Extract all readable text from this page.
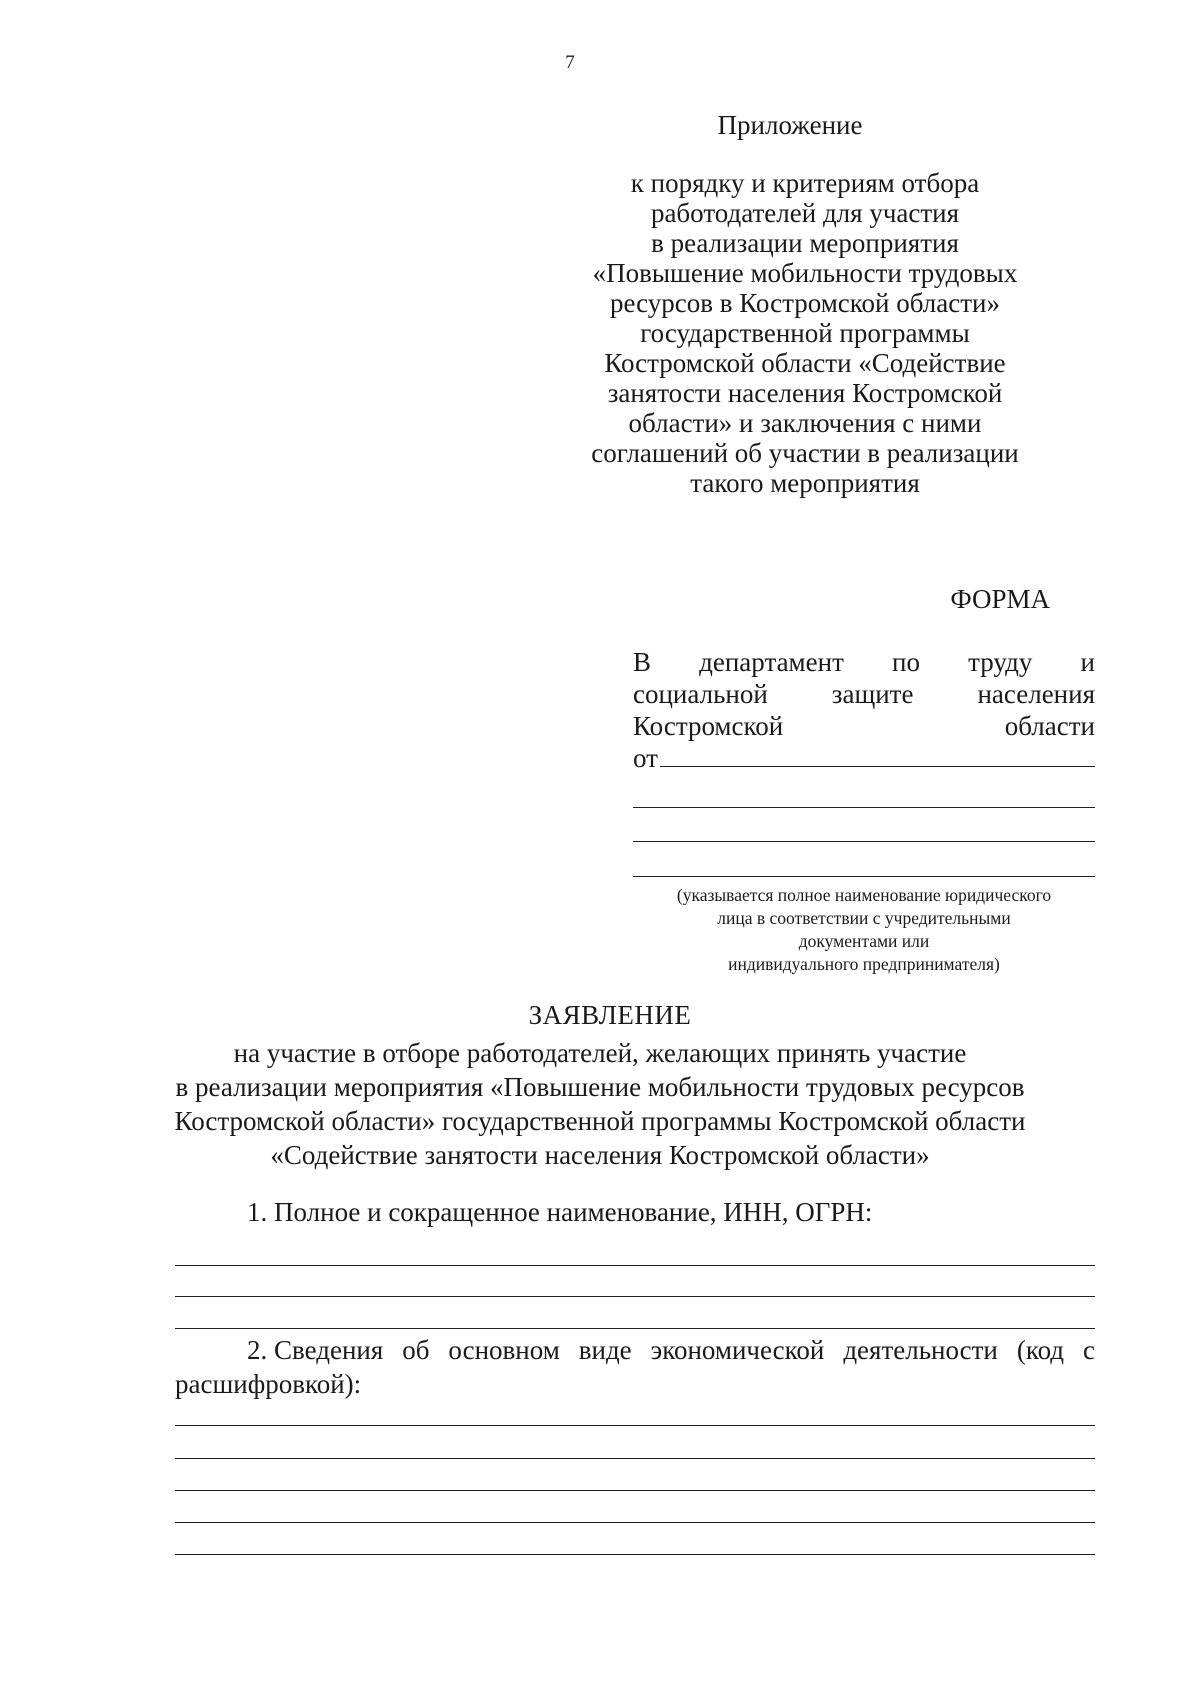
7
Приложение
к порядку и критериям отбора
работодателей для участия
в реализации мероприятия
«Повышение мобильности трудовых
ресурсов в Костромской области»
государственной программы
Костромской области «Содействие
занятости населения Костромской
области» и заключения с ними
соглашений об участии в реализации
такого мероприятия
ФОРМА
В департамент по труду и
социальной защите населения
Костромской	области
от
(указывается полное наименование юридического
лица в соответствии с учредительными
документами или
индивидуального предпринимателя)
ЗАЯВЛЕНИЕ
на участие в отборе работодателей, желающих принять участие
в реализации мероприятия «Повышение мобильности трудовых ресурсов
Костромской области» государственной программы Костромской области
«Содействие занятости населения Костромской области»
1. Полное и сокращенное наименование, ИНН, ОГРН:
2. Сведения об основном виде экономической деятельности (код с
расшифровкой):
